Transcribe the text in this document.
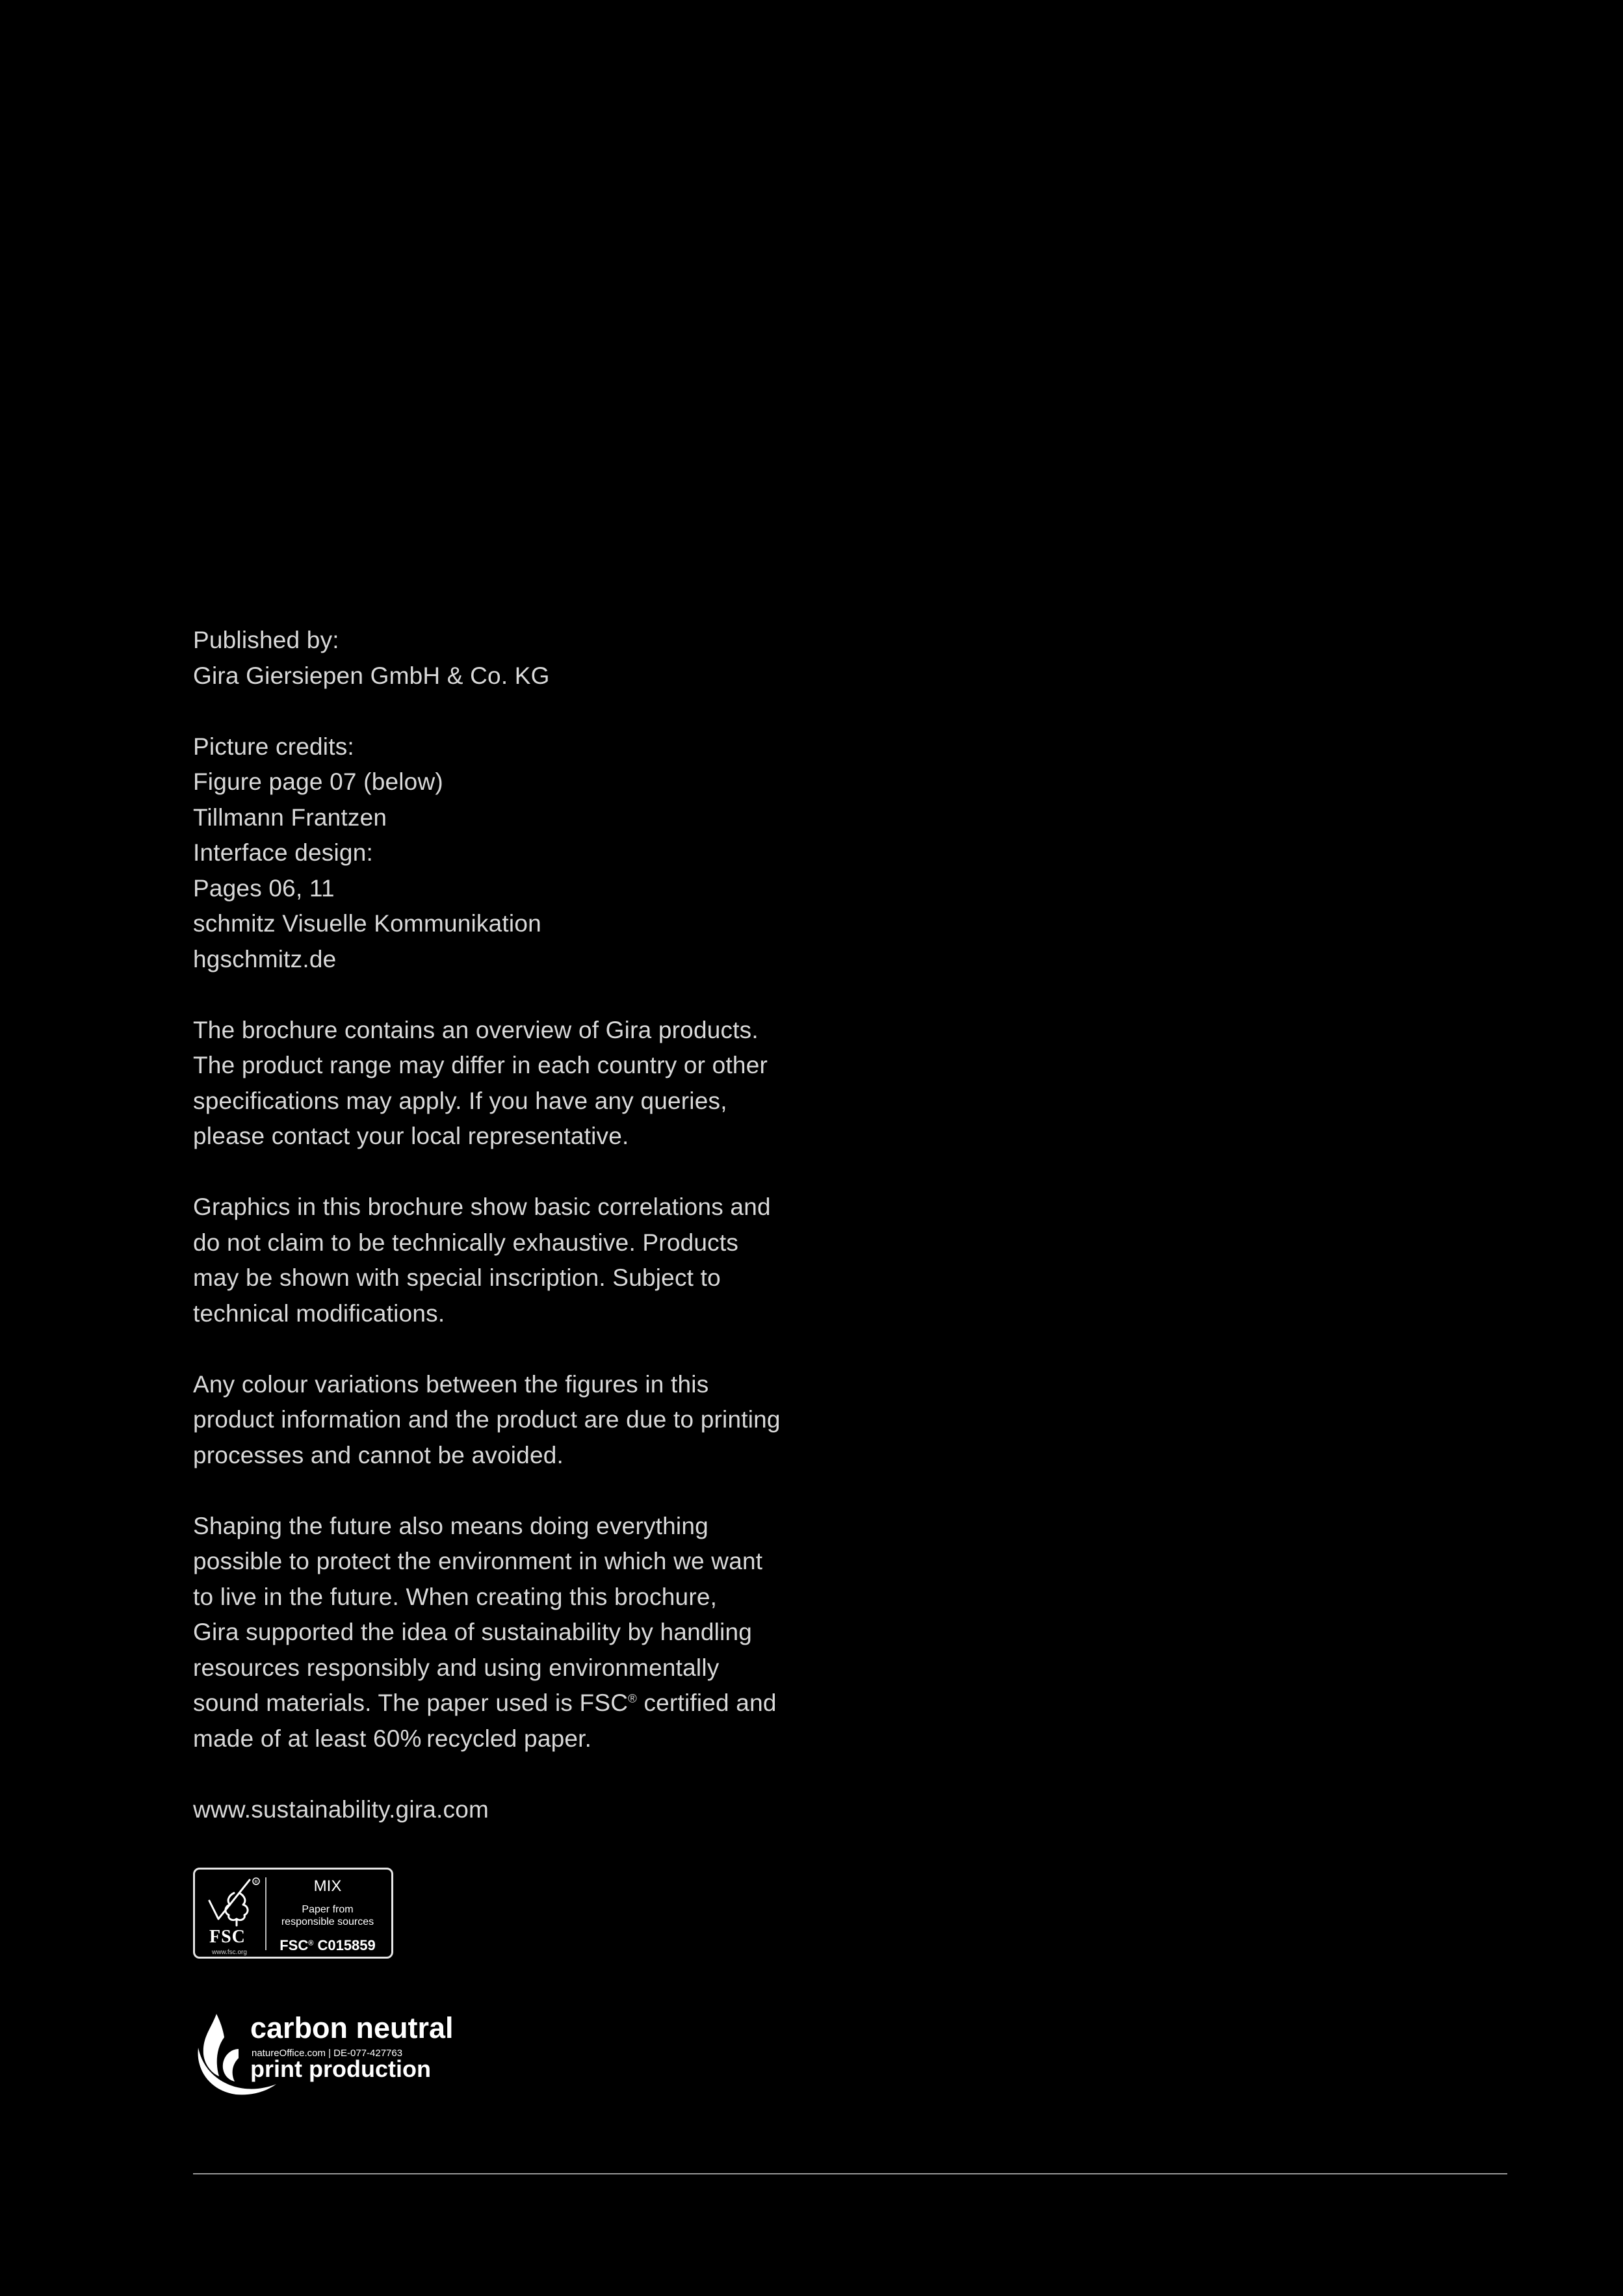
Published by:
Gira Giersiepen GmbH & Co. KG
Picture credits:
Figure page 07 (below)
Tillmann Frantzen
Interface design:
Pages 06, 11
schmitz Visuelle Kommunikation
hgschmitz.de
The brochure contains an overview of Gira products.
The product range may differ in each country or other
specifications may apply. If you have any queries,
please contact your local representative.
Graphics in this brochure show basic correlations and
do not claim to be technically exhaustive. Products
may be shown with special inscription. Subject to
technical modifications.
Any colour variations between the figures in this
product information and the product are due to printing
processes and cannot be avoided.
Shaping the future also means doing everything
possible to protect the environment in which we want
to live in the future. When creating this brochure,
Gira supported the idea of sustainability by handling
resources responsibly and using environmentally
sound materials. The paper used is FSC® certified and
made of at least 60% recycled paper.
www.sustainability.gira.com
R
FSC
www.fsc.org
MIX
Paper from
responsible sources
FSC® C015859
carbon neutral
natureOffice.com | DE-077-427763
print production
